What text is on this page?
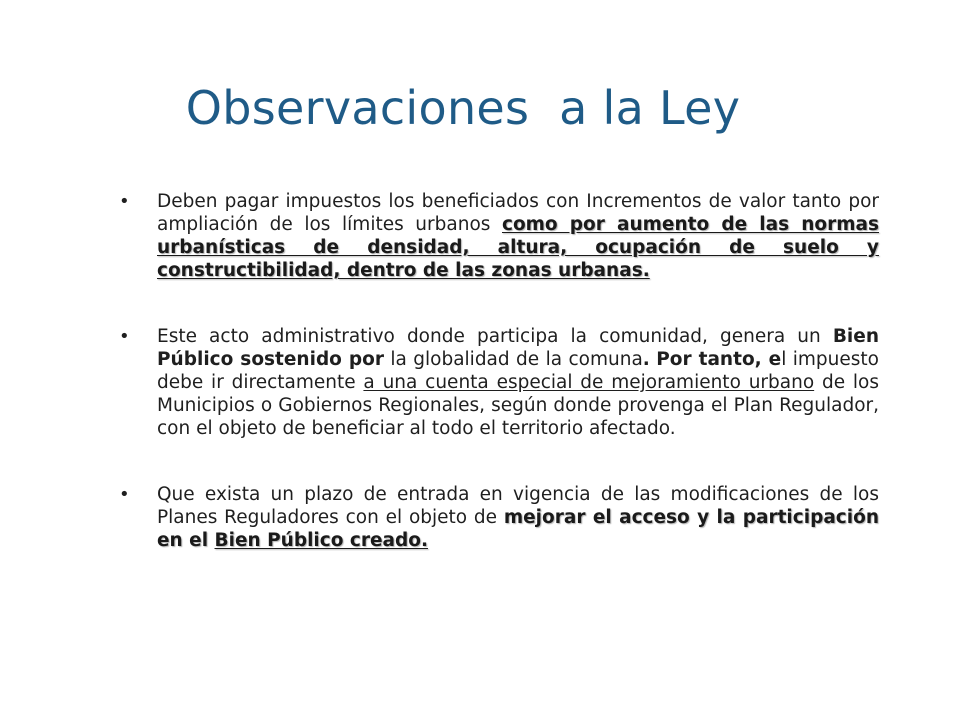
Observaciones  a la Ley
• Deben pagar impuestos los beneficiados con Incrementos de valor tanto por ampliación de los límites urbanos como por aumento de las normas urbanísticas de densidad, altura, ocupación de suelo y constructibilidad, dentro de las zonas urbanas.
• Este acto administrativo donde participa la comunidad, genera un Bien Público sostenido por la globalidad de la comuna. Por tanto, el impuesto debe ir directamente a una cuenta especial de mejoramiento urbano de los Municipios o Gobiernos Regionales, según donde provenga el Plan Regulador, con el objeto de beneficiar al todo el territorio afectado.
• Que exista un plazo de entrada en vigencia de las modificaciones de los Planes Reguladores con el objeto de mejorar el acceso y la participación en el Bien Público creado.
